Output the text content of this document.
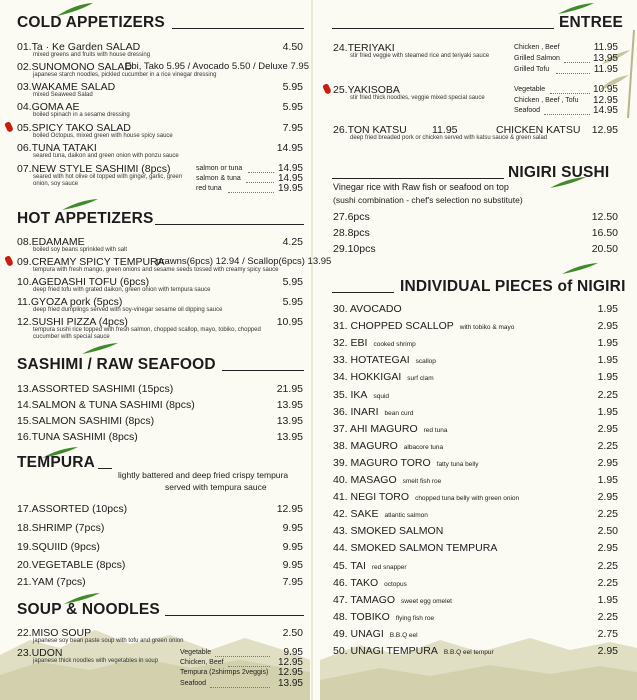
COLD APPETIZERS
01.Ta · Ke Garden SALAD	4.50
mixed greens and fruits with house dressing
02.SUNOMONO SALAD
Ebi, Tako 5.95 / Avocado 5.50 / Deluxe 7.95
japanese starch noodles, pickled cucumber in a rice vinegar dressing
03.WAKAME SALAD	5.95
mixed Seaweed Salad
04.GOMA AE	5.95
boiled spinach in a sesame dressing
05.SPICY TAKO SALAD	7.95
boiled Octopus, mixed green with house spicy sauce
06.TUNA TATAKI	14.95
seared tuna, daikon and green onion with ponzu sauce
07.NEW STYLE SASHIMI (8pcs)
seared with hot olive oil topped with ginger, garlic, green onion, soy sauce
salmon or tuna	14.95
salmon & tuna	14.95
red tuna	19.95
HOT APPETIZERS
08.EDAMAME	4.25
boiled soy beans sprinkled with salt
09.CREAMY SPICY TEMPURA
prawns(6pcs) 12.94 / Scallop(6pcs) 13.95
tempura with fresh mango, green onions and sesame seeds tossed with creamy spicy sauce
10.AGEDASHI TOFU (6pcs)	5.95
deep fried tofu with grated daikon, green onion with tempura sauce
11.GYOZA pork (5pcs)	5.95
deep fried dumplings served with soy-vinegar sesame oil dipping sauce
12.SUSHI PIZZA (4pcs)	10.95
tempura sushi rice topped with fresh salmon, chopped scallop, mayo, tobiko, chopped cucumber with special sauce
SASHIMI / RAW SEAFOOD
13.ASSORTED SASHIMI (15pcs)	21.95
14.SALMON & TUNA SASHIMI (8pcs)	13.95
15.SALMON SASHIMI (8pcs)	13.95
16.TUNA SASHIMI (8pcs)	13.95
TEMPURA
lightly battered and deep fried crispy tempura
served with tempura sauce
17.ASSORTED (10pcs)	12.95
18.SHRIMP (7pcs)	9.95
19.SQUIID (9pcs)	9.95
20.VEGETABLE (8pcs)	9.95
21.YAM (7pcs)	7.95
SOUP & NOODLES
22.MISO SOUP	2.50
japanese soy bean paste soup with tofu and green onion
23.UDON
japanese thick noodles with vegetables in soup
Vegetable	9.95
Chicken, Beef	12.95
Tempura (2shirmps 2veggis) 12.95
Seafood	13.95
ENTREE
24.TERIYAKI
stir fried veggie with steamed rice and teriyaki sauce
Chicken , Beef	11.95
Grilled Salmon	13.95
Grilled Tofu	11.95
25.YAKISOBA
stir fried thick noodles, veggie mixed special sauce
Vegetable	10.95
Chicken , Beef , Tofu 12.95
Seafood	14.95
26.TON KATSU 11.95	CHICKEN KATSU 12.95
deep fried breaded pork or chicken served with katsu sauce & green salad
NIGIRI SUSHI
Vinegar rice with Raw fish or seafood on top
(sushi combination - chef's selection no substitute)
27.6pcs	12.50
28.8pcs	16.50
29.10pcs	20.50
INDIVIDUAL PIECES of NIGIRI
30. AVOCADO	1.95
31. CHOPPED SCALLOP with tobiko & mayo	2.95
32. EBI cooked shrimp	1.95
33. HOTATEGAI scallop	1.95
34. HOKKIGAI surf clam	1.95
35. IKA squid	2.25
36. INARI bean curd	1.95
37. AHI MAGURO red tuna	2.95
38. MAGURO albacore tuna	2.25
39. MAGURO TORO fatty tuna belly	2.95
40. MASAGO smelt fish roe	1.95
41. NEGI TORO chopped tuna belly with green onion	2.95
42. SAKE atlantic salmon	2.25
43. SMOKED SALMON	2.50
44. SMOKED SALMON TEMPURA	2.95
45. TAI red snapper	2.25
46. TAKO octopus	2.25
47. TAMAGO sweet egg omelet	1.95
48. TOBIKO flying fish roe	2.25
49. UNAGI B.B.Q eel	2.75
50. UNAGI TEMPURA B.B.Q eel tempur	2.95
